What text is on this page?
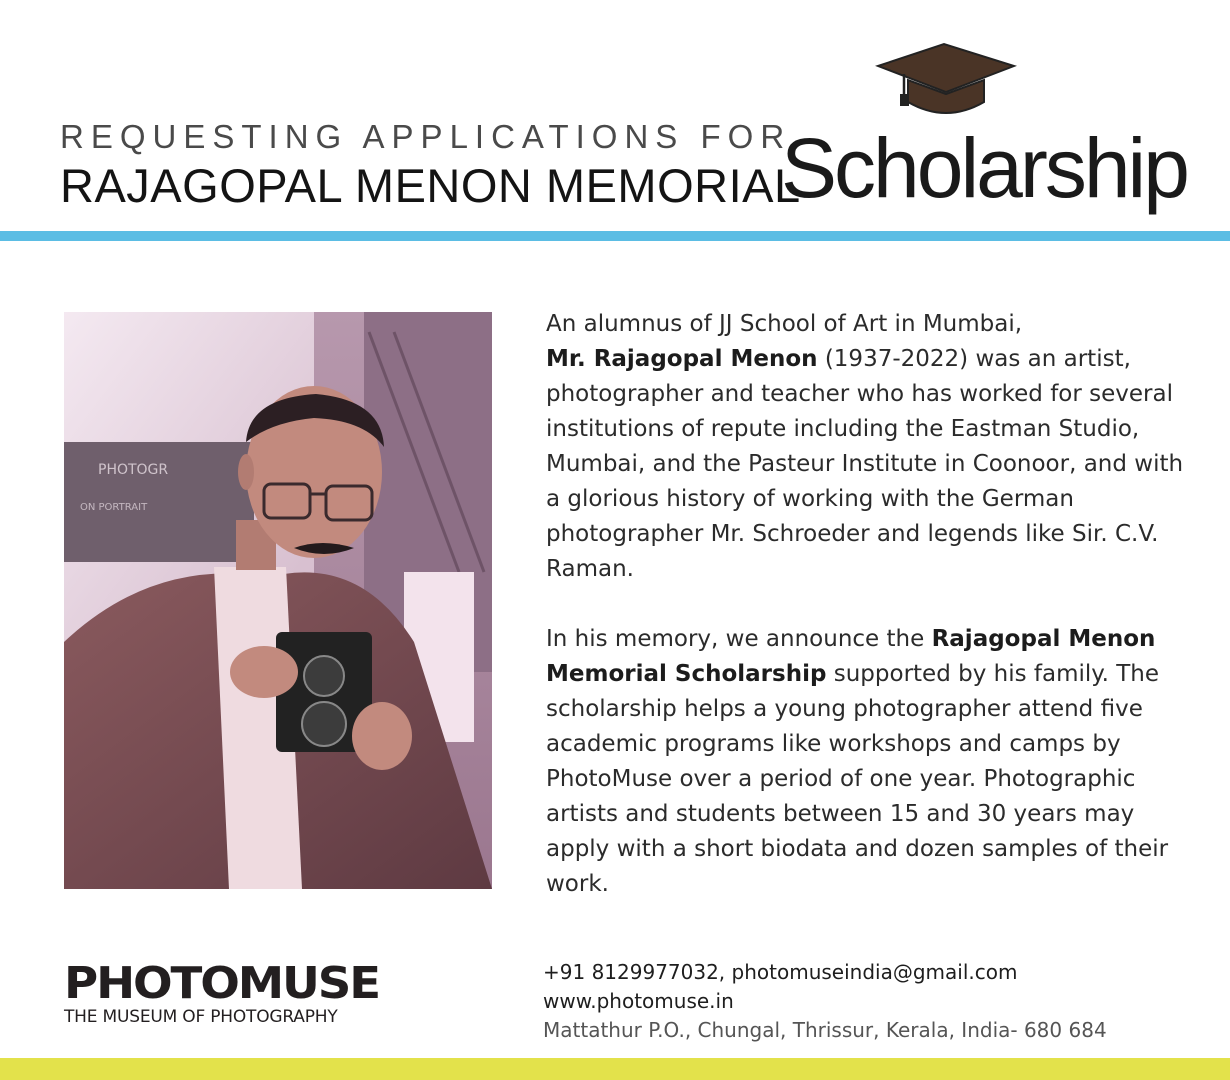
REQUESTING APPLICATIONS FOR
RAJAGOPAL MENON MEMORIAL
Scholarship
PHOTOGR
ON PORTRAIT

An alumnus of JJ School of Art in Mumbai,
Mr. Rajagopal Menon (1937-2022) was an artist, photographer and teacher who has worked for several institutions of repute including the Eastman Studio, Mumbai, and the Pasteur Institute in Coonoor, and with a glorious history of working with the German photographer Mr. Schroeder and legends like Sir. C.V. Raman.

In his memory, we announce the Rajagopal Menon Memorial Scholarship supported by his family. The scholarship helps a young photographer attend five academic programs like workshops and camps by PhotoMuse over a period of one year. Photographic artists and students between 15 and 30 years may apply with a short biodata and dozen samples of their work.

PHOTOMUSE
THE MUSEUM OF PHOTOGRAPHY
+91 8129977032, photomuseindia@gmail.com
www.photomuse.in
Mattathur P.O., Chungal, Thrissur, Kerala, India- 680 684
